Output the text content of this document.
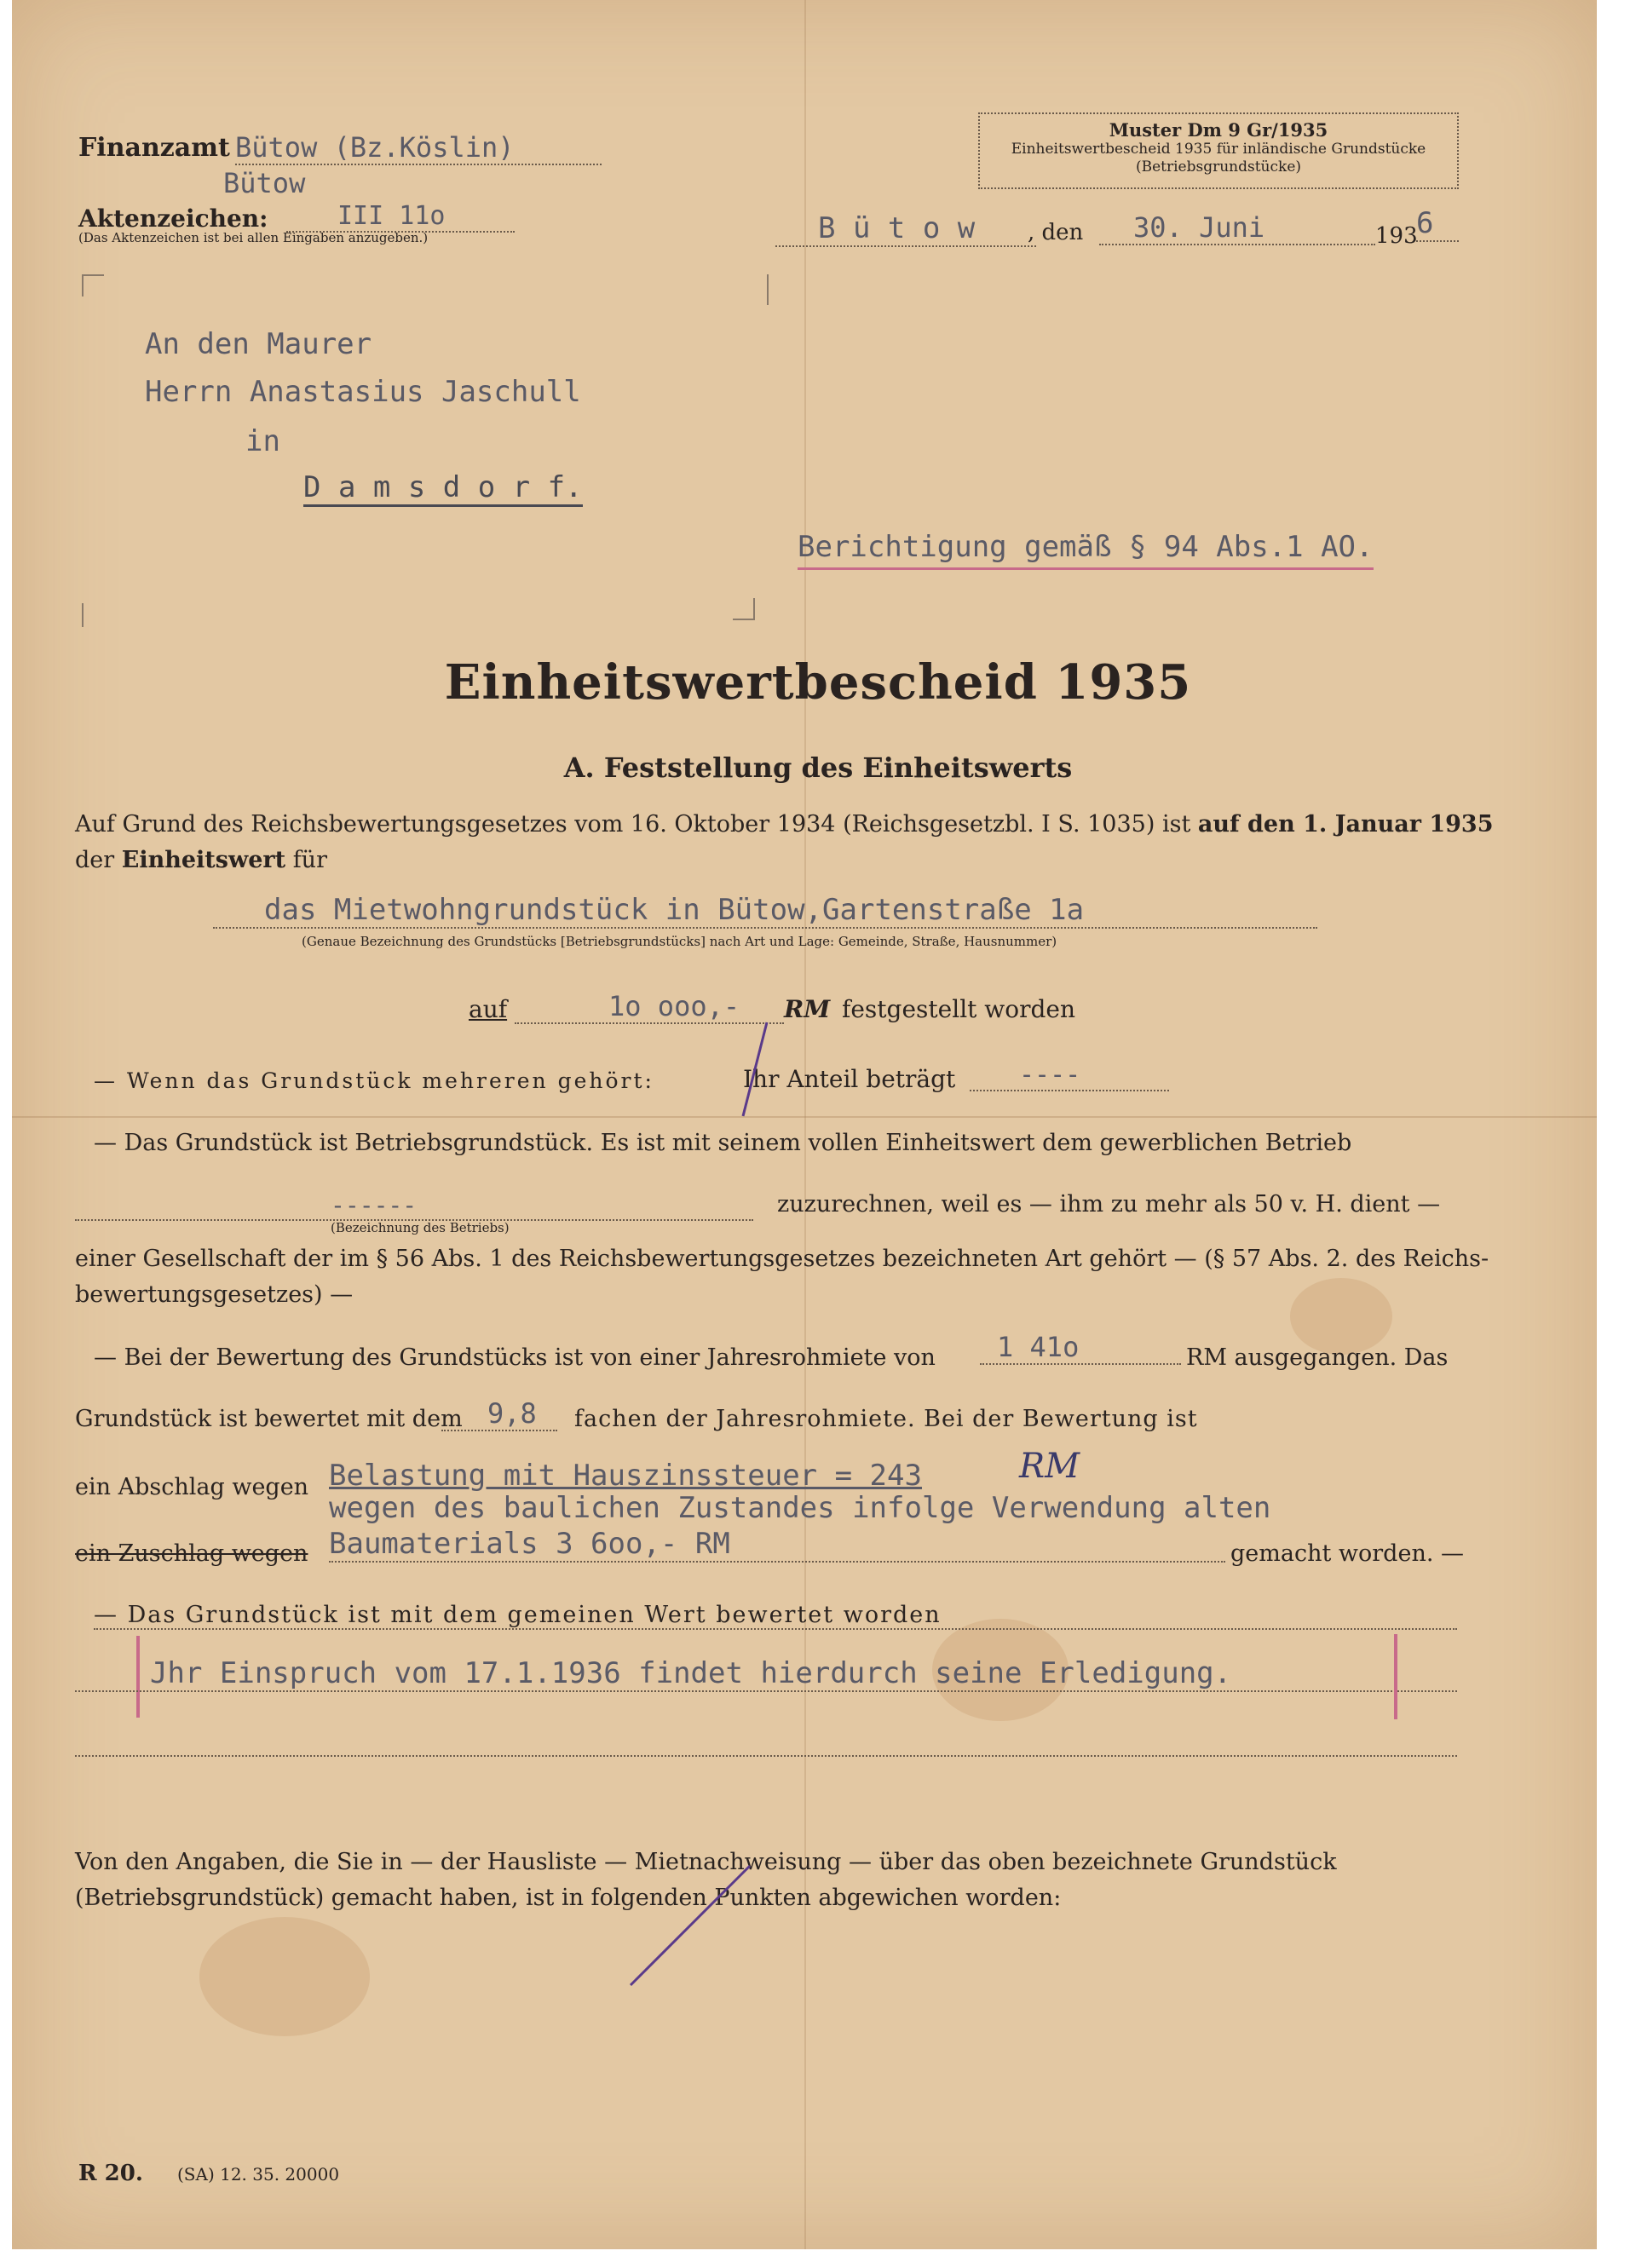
Muster Dm 9 Gr/1935
Einheitswertbescheid 1935 für inländische Grundstücke
(Betriebsgrundstücke)
Finanzamt Bütow (Bz.Köslin)
Bütow
Aktenzeichen:	III 11o
(Das Aktenzeichen ist bei allen Eingaben anzugeben.)	B ü t o w	, den	30. Juni	193
6
An den Maurer
Herrn Anastasius Jaschull
in
D a m s d o r f.
Berichtigung gemäß § 94 Abs.1 AO.
Einheitswertbescheid 1935
A. Feststellung des Einheitswerts
Auf Grund des Reichsbewertungsgesetzes vom 16. Oktober 1934 (Reichsgesetzbl. I S. 1035) ist auf den 1. Januar 1935
der Einheitswert für
das Mietwohngrundstück in Bütow,Gartenstraße 1a
(Genaue Bezeichnung des Grundstücks [Betriebsgrundstücks] nach Art und Lage: Gemeinde, Straße, Hausnummer)
auf	1o ooo,-	RM festgestellt worden
— Wenn das Grundstück mehreren gehört:	Ihr Anteil beträgt	----
— Das Grundstück ist Betriebsgrundstück. Es ist mit seinem vollen Einheitswert dem gewerblichen Betrieb
------
(Bezeichnung des Betriebs)
zuzurechnen, weil es — ihm zu mehr als 50 v. H. dient —
einer Gesellschaft der im § 56 Abs. 1 des Reichsbewertungsgesetzes bezeichneten Art gehört — (§ 57 Abs. 2. des Reichs-
bewertungsgesetzes) —
— Bei der Bewertung des Grundstücks ist von einer Jahresrohmiete von	1 41o	RM ausgegangen. Das
Grundstück ist bewertet mit dem 9,8	fachen der Jahresrohmiete. Bei der Bewertung ist
ein Abschlag wegen Belastung mit Hauszinssteuer = 243	RM
wegen des baulichen Zustandes infolge Verwendung alten
ein Zuschlag wegen Baumaterials 3 6oo,- RM	gemacht worden. —
— Das Grundstück ist mit dem gemeinen Wert bewertet worden
Jhr Einspruch vom 17.1.1936 findet hierdurch seine Erledigung.
Von den Angaben, die Sie in — der Hausliste — Mietnachweisung — über das oben bezeichnete Grundstück
(Betriebsgrundstück) gemacht haben, ist in folgenden Punkten abgewichen worden:
R 20. (SA) 12. 35. 20000
